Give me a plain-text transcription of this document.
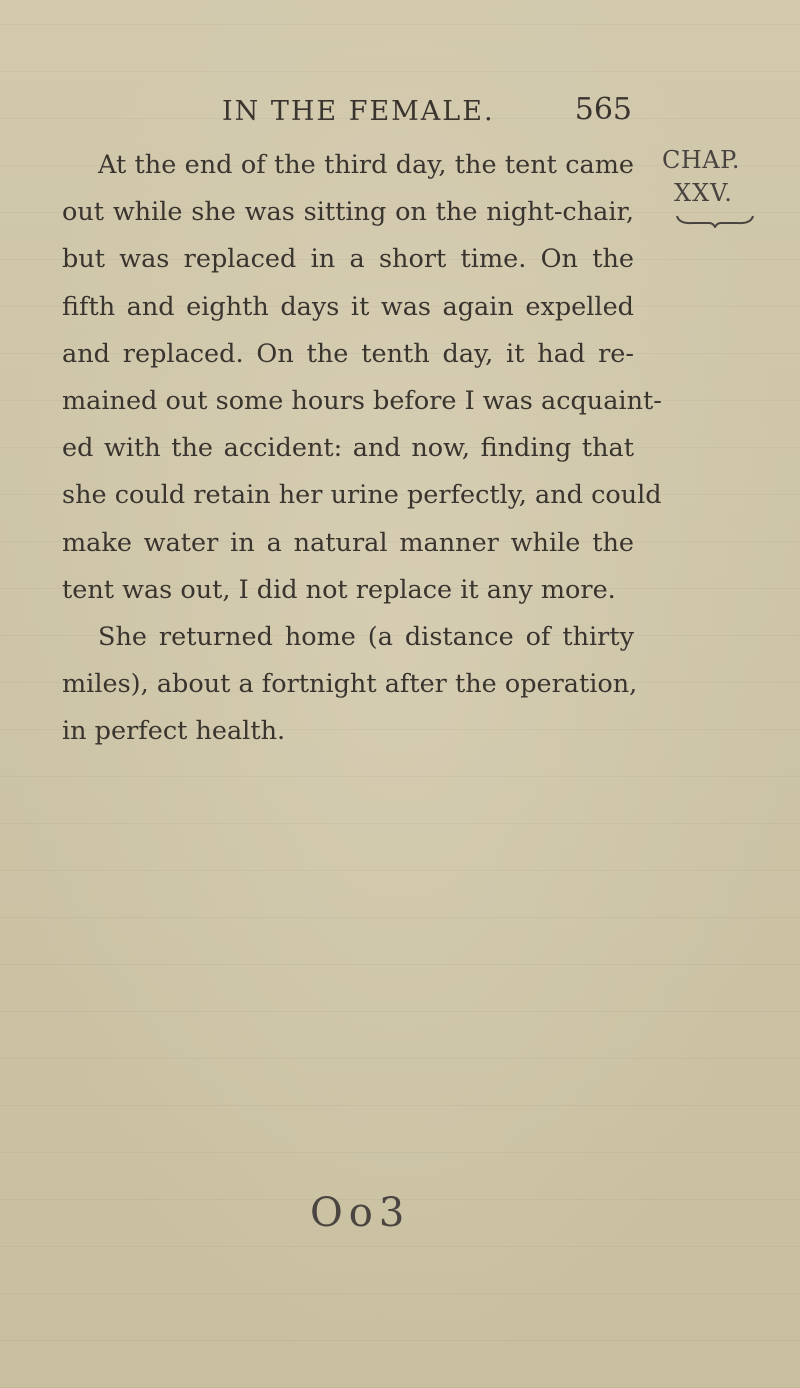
IN THE FEMALE.	565
CHAP.
XXV.
At the end of the third day, the tent came
out while she was sitting on the night-chair,
but was replaced in a short time. On the
fifth and eighth days it was again expelled
and replaced. On the tenth day, it had re-
mained out some hours before I was acquaint-
ed with the accident: and now, finding that
she could retain her urine perfectly, and could
make water in a natural manner while the
tent was out, I did not replace it any more.
She returned home (a distance of thirty
miles), about a fortnight after the operation,
in perfect health.
Oo3
